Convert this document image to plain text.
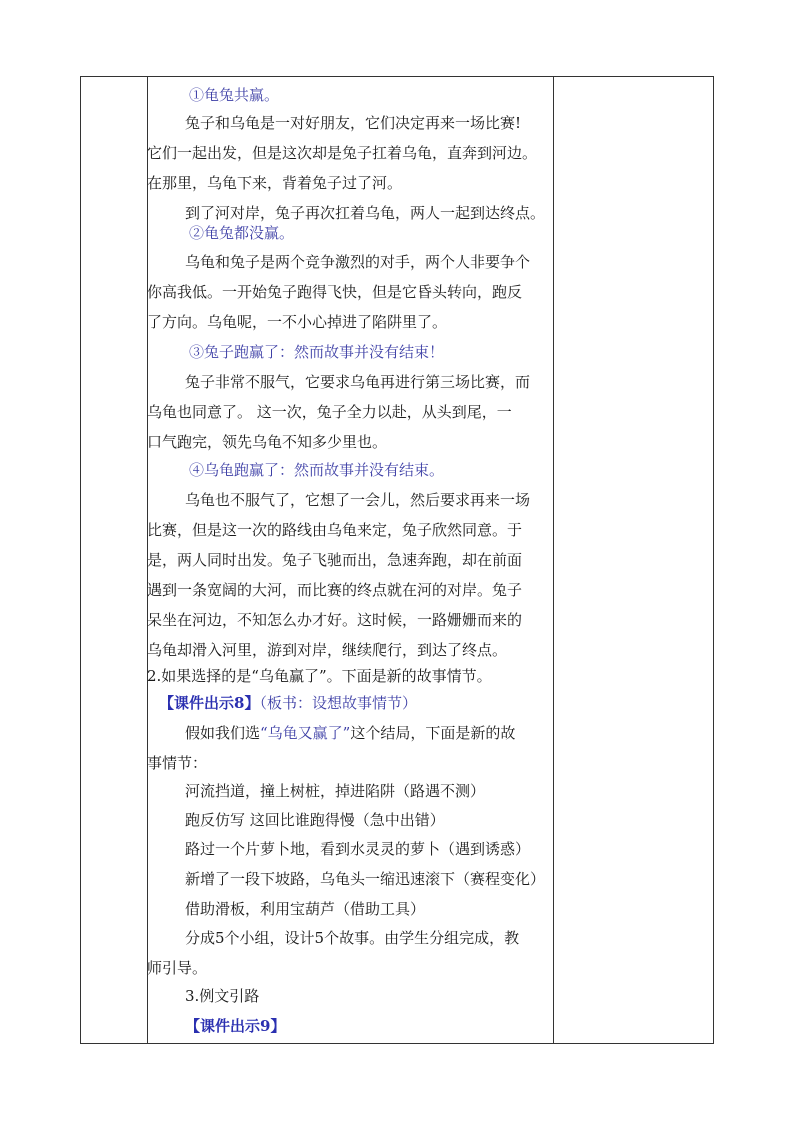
①龟兔共赢。
兔子和乌龟是一对好朋友，它们决定再来一场比赛!
它们一起出发，但是这次却是兔子扛着乌龟，直奔到河边。
在那里，乌龟下来，背着兔子过了河。
到了河对岸，兔子再次扛着乌龟，两人一起到达终点。
②龟兔都没赢。
乌龟和兔子是两个竞争激烈的对手，两个人非要争个
你高我低。一开始兔子跑得飞快，但是它昏头转向，跑反
了方向。乌龟呢，一不小心掉进了陷阱里了。
③兔子跑赢了：然而故事并没有结束！
兔子非常不服气，它要求乌龟再进行第三场比赛，而
乌龟也同意了。 这一次，兔子全力以赴，从头到尾，一
口气跑完，领先乌龟不知多少里也。
④乌龟跑赢了：然而故事并没有结束。
乌龟也不服气了，它想了一会儿，然后要求再来一场
比赛，但是这一次的路线由乌龟来定，兔子欣然同意。于
是，两人同时出发。兔子飞驰而出，急速奔跑，却在前面
遇到一条宽阔的大河，而比赛的终点就在河的对岸。兔子
呆坐在河边，不知怎么办才好。这时候，一路姗姗而来的
乌龟却滑入河里，游到对岸，继续爬行，到达了终点。
2.如果选择的是“乌龟赢了”。下面是新的故事情节。
【课件出示8】（板书：设想故事情节）
假如我们选“乌龟又赢了”这个结局，下面是新的故
事情节：
河流挡道，撞上树桩，掉进陷阱（路遇不测）
跑反仿写 这回比谁跑得慢（急中出错）
路过一个片萝卜地，看到水灵灵的萝卜（遇到诱惑）
新增了一段下坡路，乌龟头一缩迅速滚下（赛程变化）
借助滑板，利用宝葫芦（借助工具）
分成5个小组，设计5个故事。由学生分组完成，教
师引导。
3.例文引路
【课件出示9】
